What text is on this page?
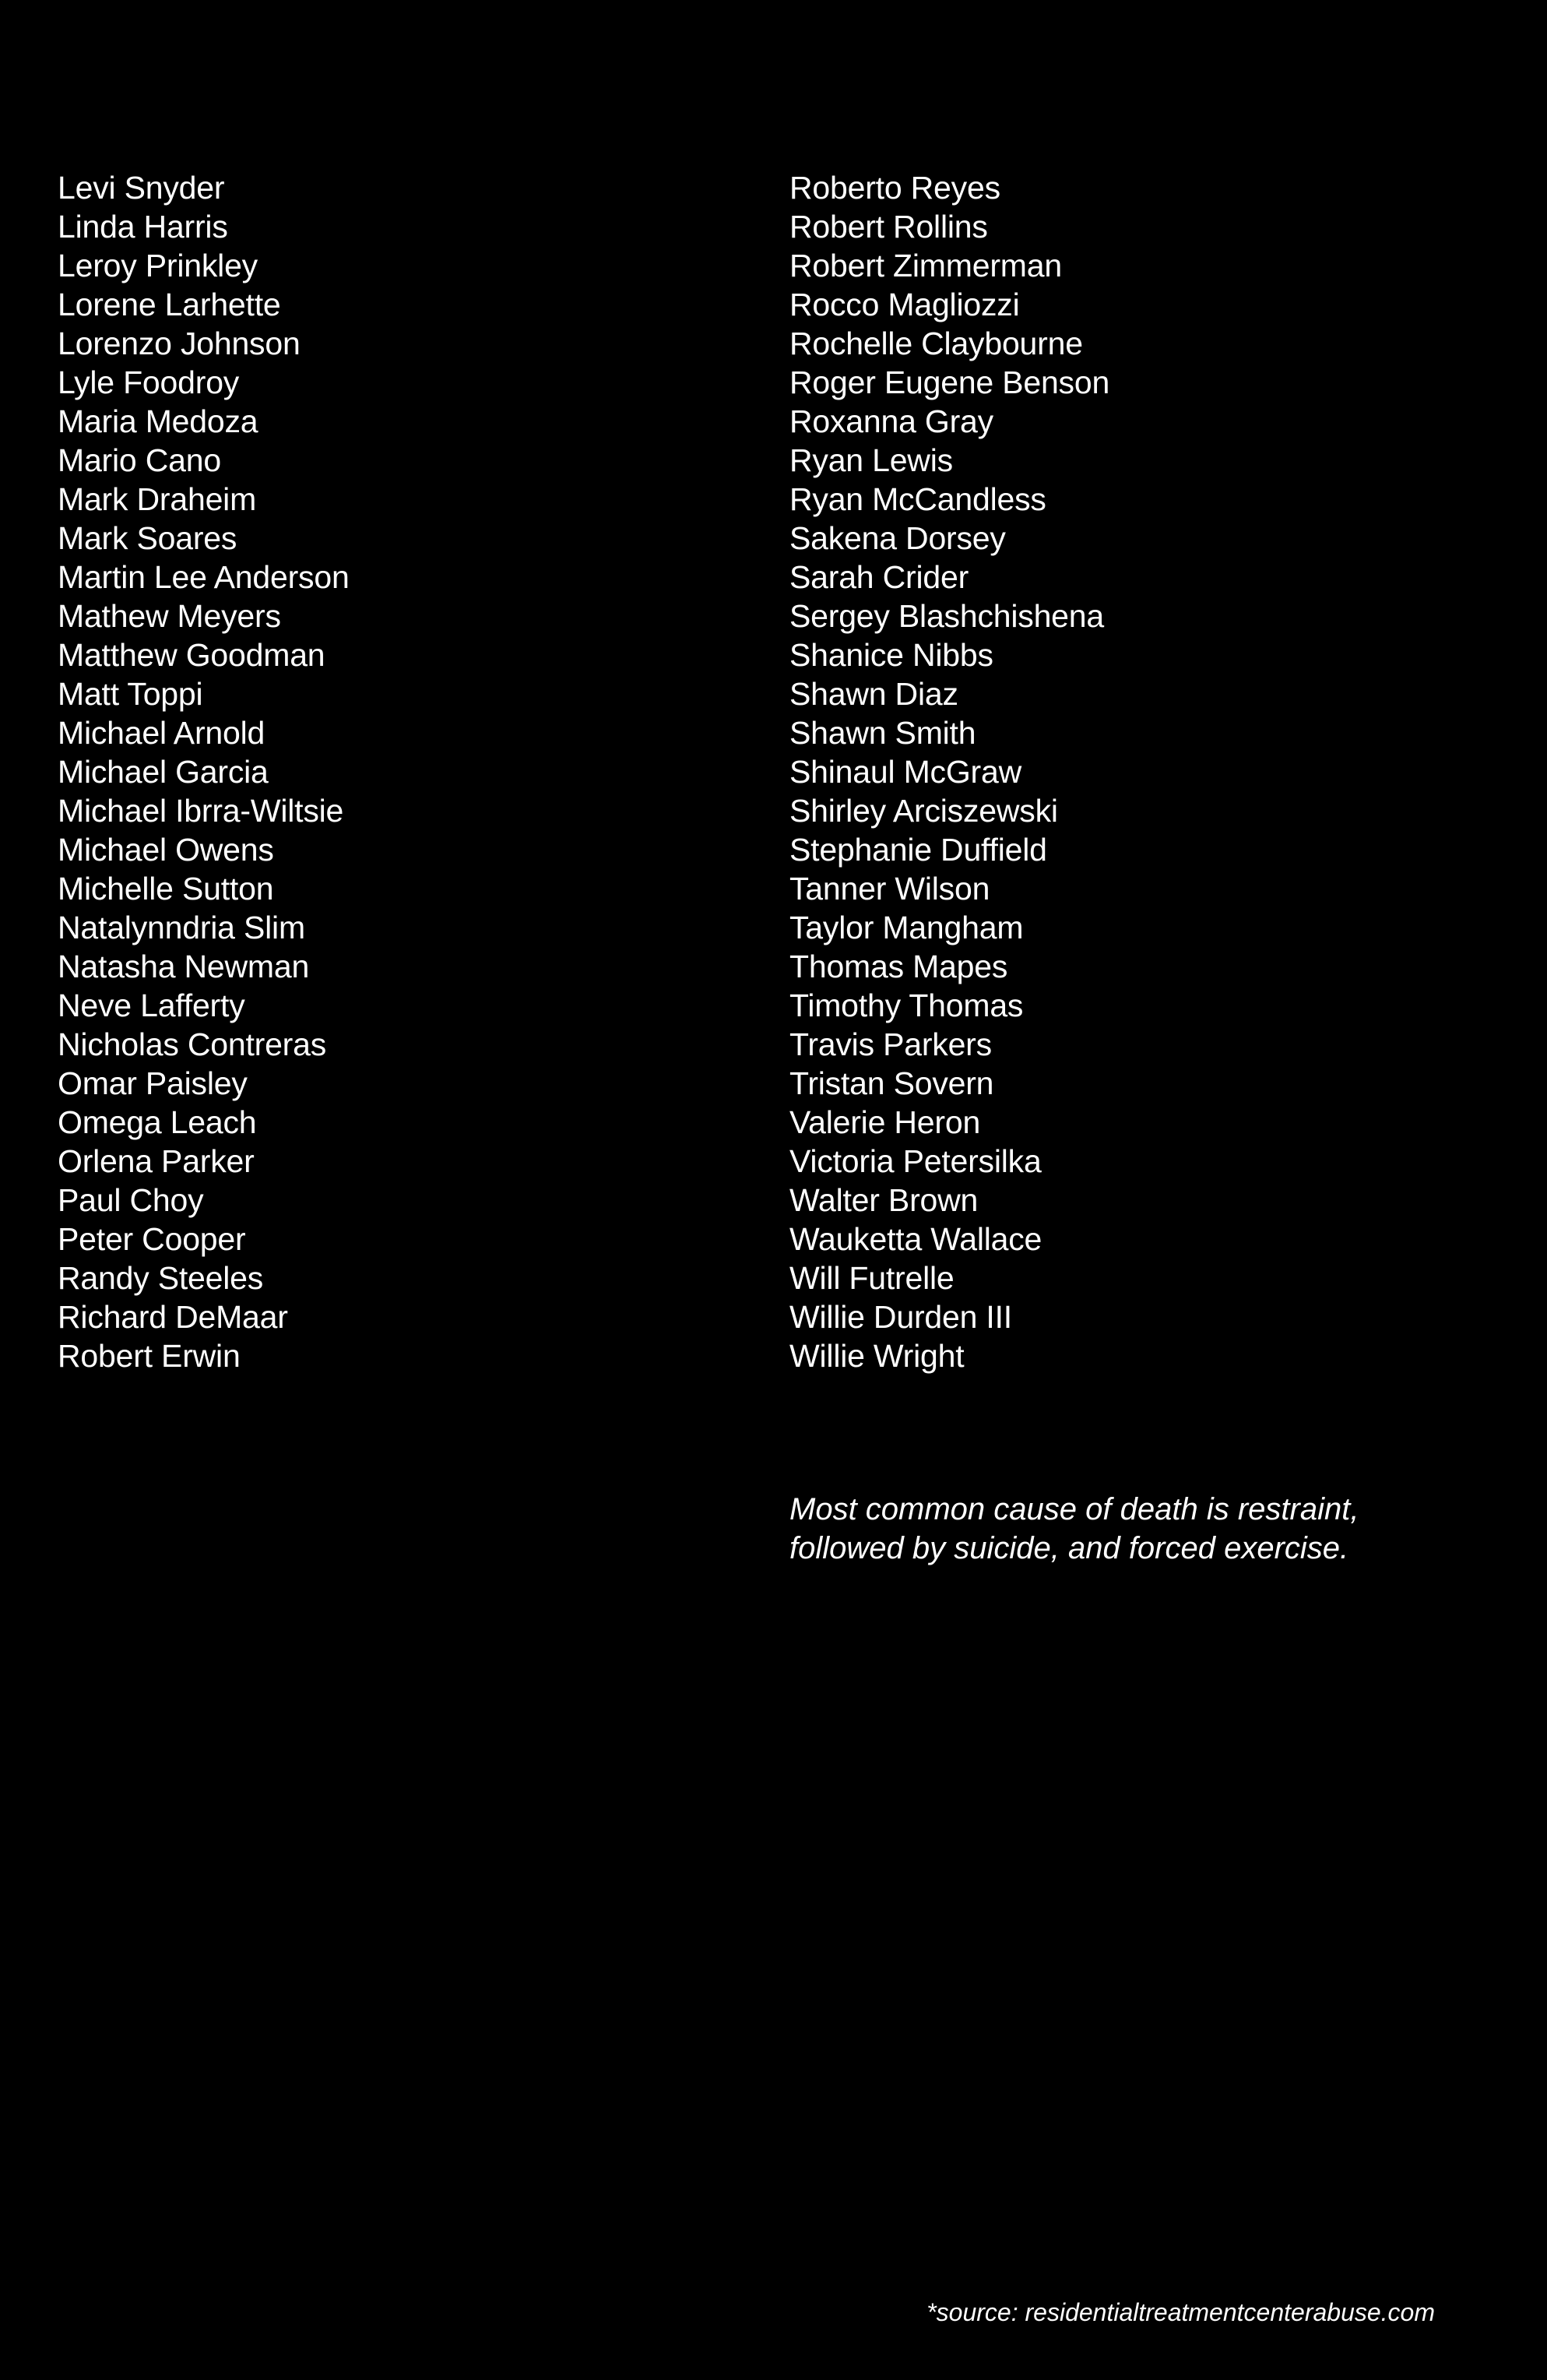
Levi Snyder
Linda Harris
Leroy Prinkley
Lorene Larhette
Lorenzo Johnson
Lyle Foodroy
Maria Medoza
Mario Cano
Mark Draheim
Mark Soares
Martin Lee Anderson
Mathew Meyers
Matthew Goodman
Matt Toppi
Michael Arnold
Michael Garcia
Michael Ibrra-Wiltsie
Michael Owens
Michelle Sutton
Natalynndria Slim
Natasha Newman
Neve Lafferty
Nicholas Contreras
Omar Paisley
Omega Leach
Orlena Parker
Paul Choy
Peter Cooper
Randy Steeles
Richard DeMaar
Robert Erwin
Roberto Reyes
Robert Rollins
Robert Zimmerman
Rocco Magliozzi
Rochelle Claybourne
Roger Eugene Benson
Roxanna Gray
Ryan Lewis
Ryan McCandless
Sakena Dorsey
Sarah Crider
Sergey Blashchishena
Shanice Nibbs
Shawn Diaz
Shawn Smith
Shinaul McGraw
Shirley Arciszewski
Stephanie Duffield
Tanner Wilson
Taylor Mangham
Thomas Mapes
Timothy Thomas
Travis Parkers
Tristan Sovern
Valerie Heron
Victoria Petersilka
Walter Brown
Wauketta Wallace
Will Futrelle
Willie Durden III
Willie Wright

Most common cause of death is restraint,
followed by suicide, and forced exercise.

*source: residentialtreatmentcenterabuse.com
